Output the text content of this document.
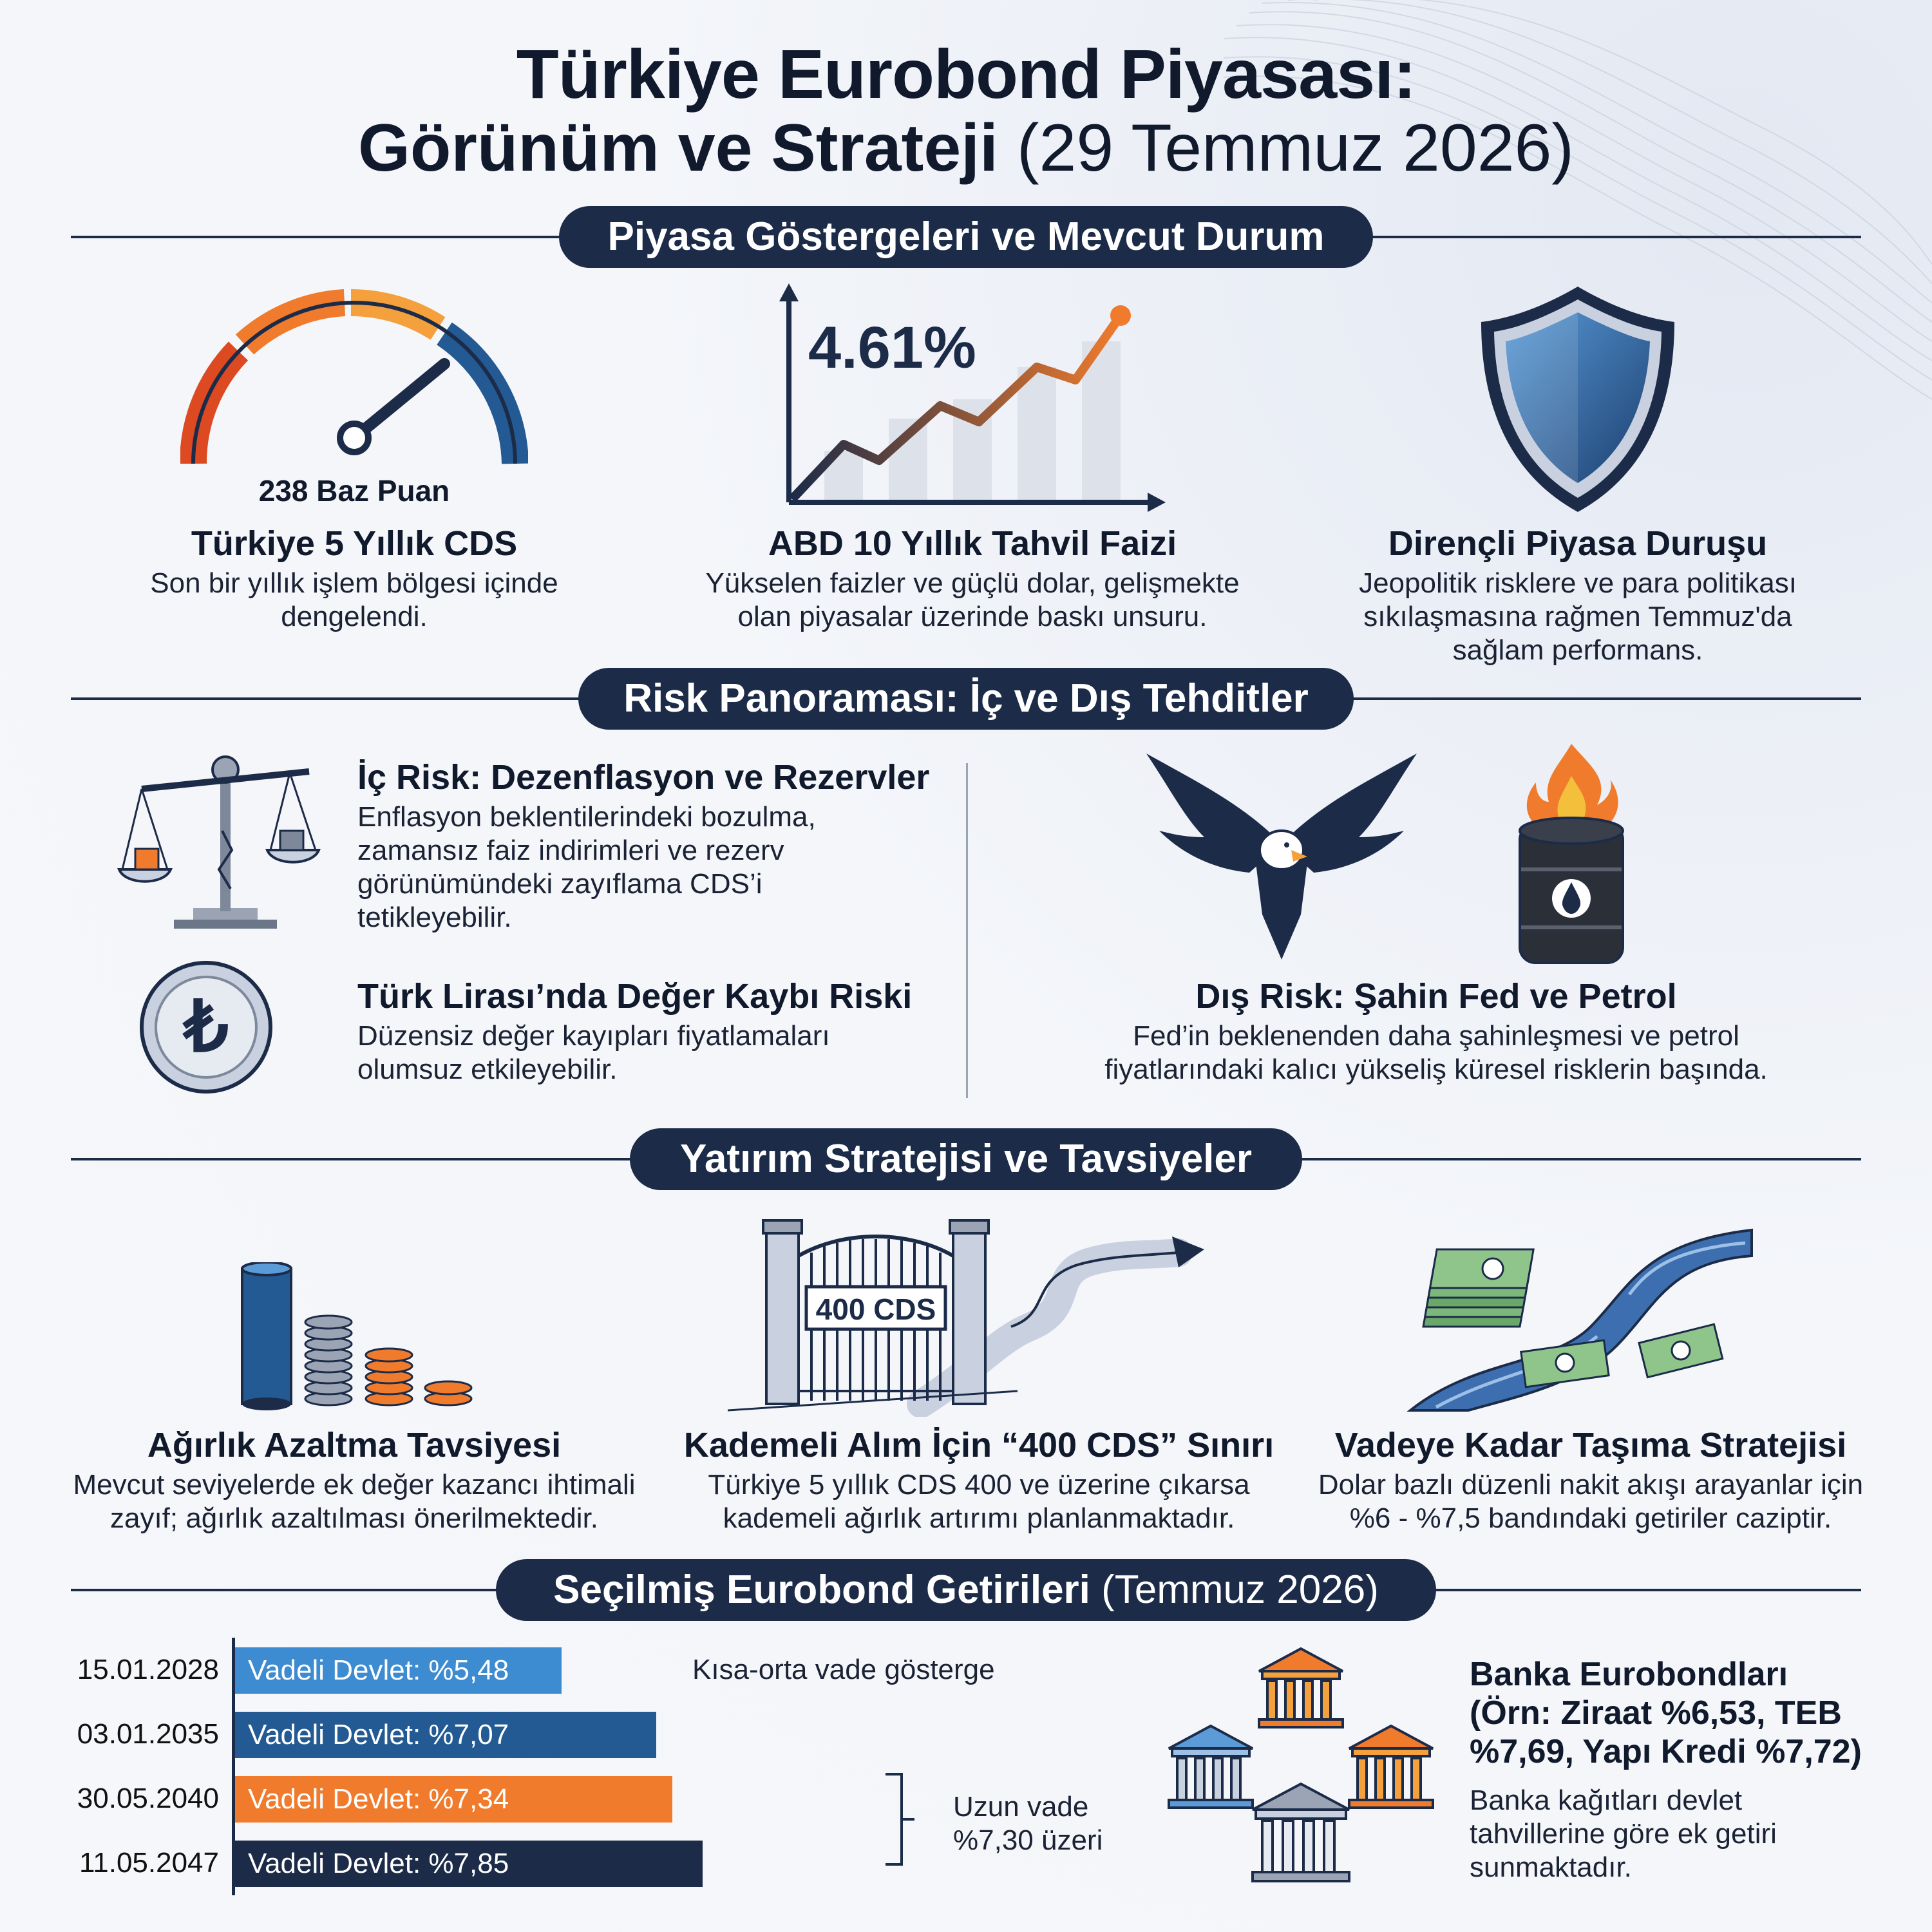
Türkiye Eurobond Piyasası:
Görünüm ve Strateji (29 Temmuz 2026)
Piyasa Göstergeleri ve Mevcut Durum
238 Baz Puan
Türkiye 5 Yıllık CDS
Son bir yıllık işlem bölgesi içinde
dengelendi.
4.61%
ABD 10 Yıllık Tahvil Faizi
Yükselen faizler ve güçlü dolar, gelişmekte
olan piyasalar üzerinde baskı unsuru.
Dirençli Piyasa Duruşu
Jeopolitik risklere ve para politikası
sıkılaşmasına rağmen Temmuz'da
sağlam performans.
Risk Panoraması: İç ve Dış Tehditler
İç Risk: Dezenflasyon ve Rezervler
Enflasyon beklentilerindeki bozulma,
zamansız faiz indirimleri ve rezerv
görünümündeki zayıflama CDS’i
tetikleyebilir.
₺	Türk Lirası’nda Değer Kaybı Riski
Düzensiz değer kayıpları fiyatlamaları
olumsuz etkileyebilir.
Dış Risk: Şahin Fed ve Petrol
Fed’in beklenenden daha şahinleşmesi ve petrol
fiyatlarındaki kalıcı yükseliş küresel risklerin başında.
Yatırım Stratejisi ve Tavsiyeler
Ağırlık Azaltma Tavsiyesi
Mevcut seviyelerde ek değer kazancı ihtimali
zayıf; ağırlık azaltılması önerilmektedir.
400 CDS
Kademeli Alım İçin “400 CDS” Sınırı
Türkiye 5 yıllık CDS 400 ve üzerine çıkarsa
kademeli ağırlık artırımı planlanmaktadır.
Vadeye Kadar Taşıma Stratejisi
Dolar bazlı düzenli nakit akışı arayanlar için
%6 - %7,5 bandındaki getiriler caziptir.
Seçilmiş Eurobond Getirileri (Temmuz 2026)
Kısa-orta vade gösterge
Uzun vade
%7,30 üzeri
Banka Eurobondları
(Örn: Ziraat %6,53, TEB
%7,69, Yapı Kredi %7,72)
Banka kağıtları devlet
tahvillerine göre ek getiri
sunmaktadır.
15.01.2028	Vadeli Devlet: %5,48
03.01.2035	Vadeli Devlet: %7,07
30.05.2040	Vadeli Devlet: %7,34
11.05.2047	Vadeli Devlet: %7,85
